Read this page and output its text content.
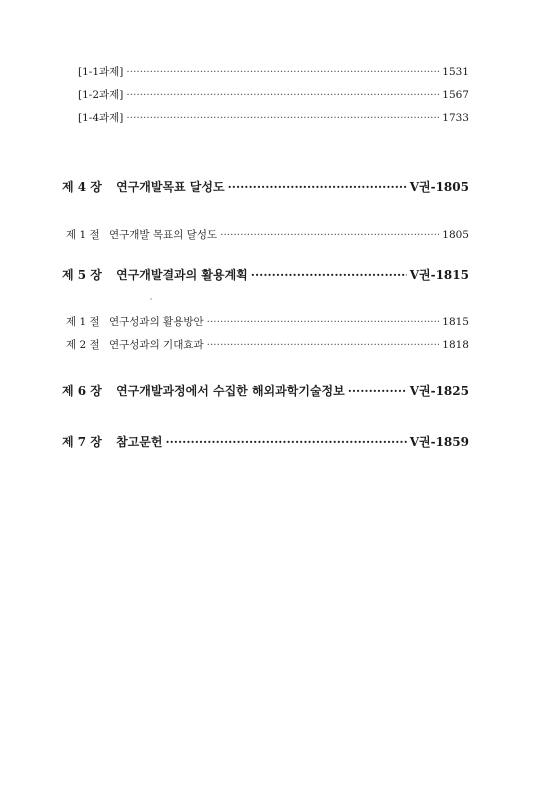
[1-1과제] ·····	1531
[1-2과제] ·····	1567
[1-4과제] ·····	1733
제 4 장 연구개발목표 달성도 ·····	V권-1805
제 1 절 연구개발 목표의 달성도 ·····	1805
제 5 장 연구개발결과의 활용계획 ·····	V권-1815
제 1 절 연구성과의 활용방안 ·····	1815
제 2 절 연구성과의 기대효과 ·····	1818
제 6 장 연구개발과정에서 수집한 해외과학기술정보 ·····	V권-1825
제 7 장 참고문헌 ·····	V권-1859
